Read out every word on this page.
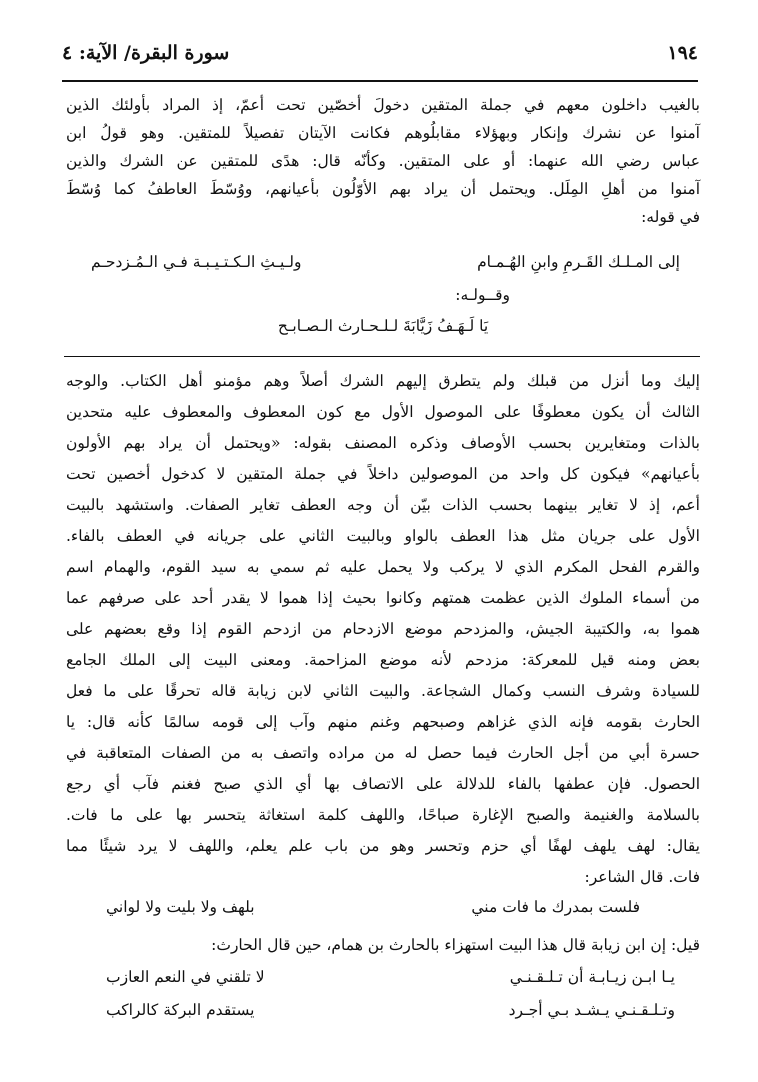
١٩٤
سورة البقرة/ الآية: ٤
بالغيب داخلون معهم في جملة المتقين دخولَ أخصّين تحت أعمّ، إذ المراد بأولئك الذين
آمنوا عن نشرك وإنكار وبهؤلاء مقابلُوهم فكانت الآيتان تفصيلاً للمتقين. وهو قولُ ابن
عباس رضي الله عنهما: أو على المتقين. وكأنّه قال: هدًى للمتقين عن الشرك والذين
آمنوا من أهلِ المِلَل. ويحتمل أن يراد بهم الأوّلُون بأعيانهم، ووُسّطَ العاطفُ كما وُسّطَ
في قوله:
إلى المـلـك القَـرمِ وابنِ الهُـمـام
ولـيـثِ الـكـتـيـبـة فـي الـمُـزدحـم
وقــولـه:
يَا لَـهَـفُ زَيَّابَةَ لـلـحـارث الـصـابـح
إليك وما أنزل من قبلك ولم يتطرق إليهم الشرك أصلاً وهم مؤمنو أهل الكتاب. والوجه
الثالث أن يكون معطوفًا على الموصول الأول مع كون المعطوف والمعطوف عليه متحدين
بالذات ومتغايرين بحسب الأوصاف وذكره المصنف بقوله: «ويحتمل أن يراد بهم الأولون
بأعيانهم» فيكون كل واحد من الموصولين داخلاً في جملة المتقين لا كدخول أخصين تحت
أعم، إذ لا تغاير بينهما بحسب الذات بيّن أن وجه العطف تغاير الصفات. واستشهد بالبيت
الأول على جريان مثل هذا العطف بالواو وبالبيت الثاني على جريانه في العطف بالفاء.
والقرم الفحل المكرم الذي لا يركب ولا يحمل عليه ثم سمي به سيد القوم، والهمام اسم
من أسماء الملوك الذين عظمت همتهم وكانوا بحيث إذا هموا لا يقدر أحد على صرفهم عما
هموا به، والكتيبة الجيش، والمزدحم موضع الازدحام من ازدحم القوم إذا وقع بعضهم على
بعض ومنه قيل للمعركة: مزدحم لأنه موضع المزاحمة. ومعنى البيت إلى الملك الجامع
للسيادة وشرف النسب وكمال الشجاعة. والبيت الثاني لابن زيابة قاله تحرقًا على ما فعل
الحارث بقومه فإنه الذي غزاهم وصبحهم وغنم منهم وآب إلى قومه سالمًا كأنه قال: يا
حسرة أبي من أجل الحارث فيما حصل له من مراده واتصف به من الصفات المتعاقبة في
الحصول. فإن عطفها بالفاء للدلالة على الاتصاف بها أي الذي صبح فغنم فآب أي رجع
بالسلامة والغنيمة والصبح الإغارة صباحًا، واللهف كلمة استغاثة يتحسر بها على ما فات.
يقال: لهف يلهف لهفًا أي حزم وتحسر وهو من باب علم يعلم، واللهف لا يرد شيئًا مما
فات. قال الشاعر:
فلست بمدرك ما فات مني
بلهف ولا بليت ولا لواني
قيل: إن ابن زيابة قال هذا البيت استهزاء بالحارث بن همام، حين قال الحارث:
يـا ابـن زيـابـة أن تـلـقـنـي
لا تلقني في النعم العازب
وتـلـقـنـي يـشـد بـي أجـرد
يستقدم البركة كالراكب
